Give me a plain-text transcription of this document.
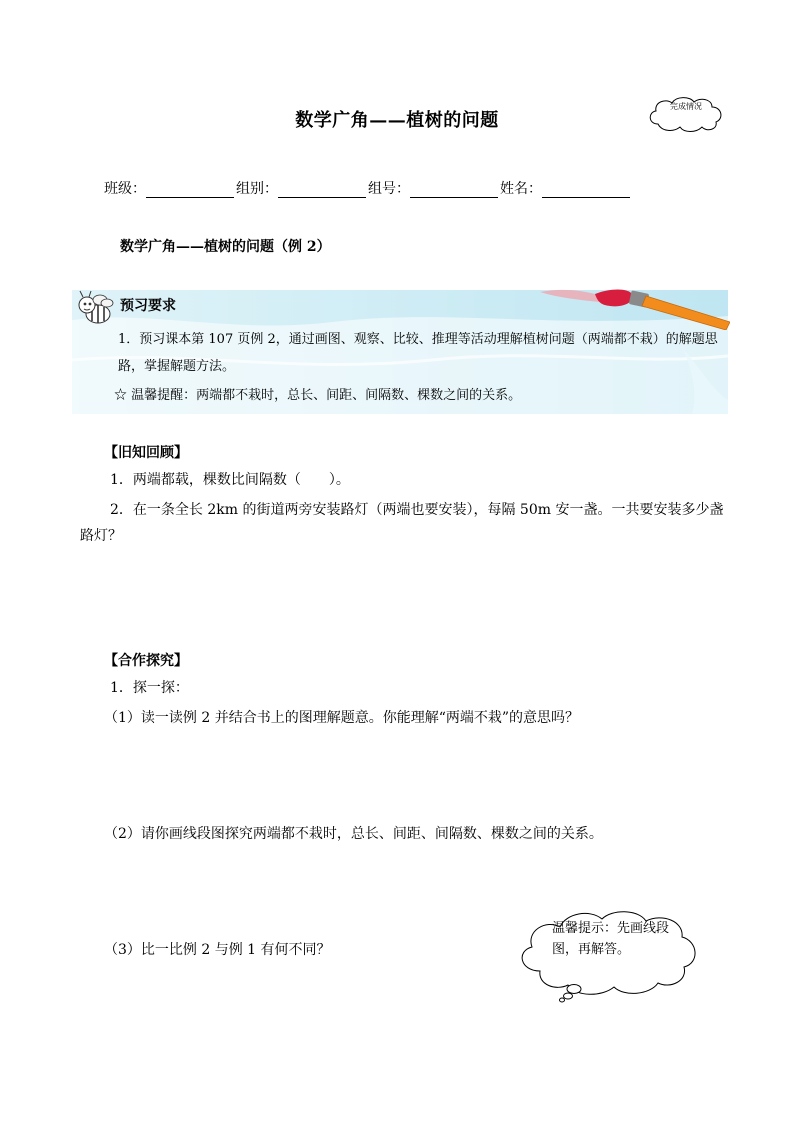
数学广角——植树的问题
完成情况
班级：	组别：	组号：	姓名：
数学广角——植树的问题（例 2）
预习要求
1．预习课本第 107 页例 2，通过画图、观察、比较、推理等活动理解植树问题（两端都不栽）的解题思路，掌握解题方法。
☆ 温馨提醒：两端都不栽时，总长、间距、间隔数、棵数之间的关系。
【旧知回顾】
1．两端都载，棵数比间隔数（　　）。
2．在一条全长 2km 的街道两旁安装路灯（两端也要安装），每隔 50m 安一盏。一共要安装多少盏路灯？
【合作探究】
1．探一探：
（1）读一读例 2 并结合书上的图理解题意。你能理解“两端不栽”的意思吗？
（2）请你画线段图探究两端都不栽时，总长、间距、间隔数、棵数之间的关系。
（3）比一比例 2 与例 1 有何不同？
温馨提示：先画线段图，再解答。
